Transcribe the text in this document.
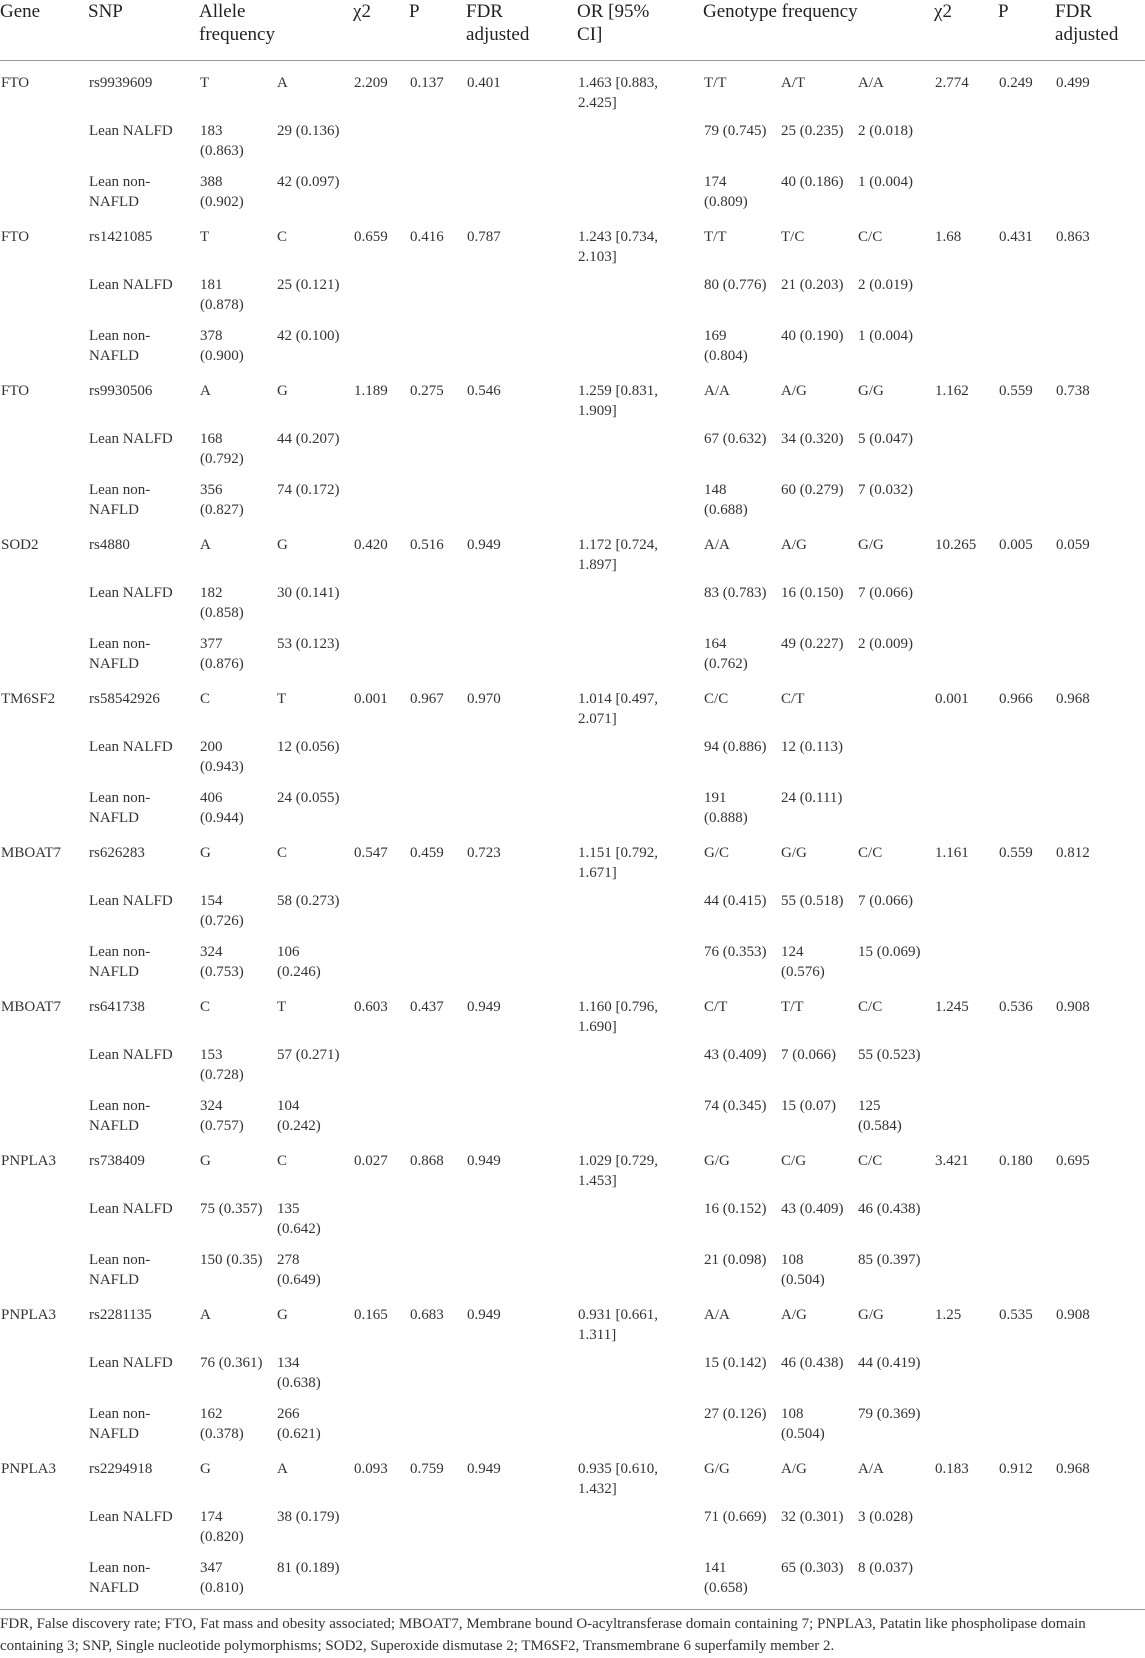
Gene	SNP	Allele frequency		χ2	P	FDR adjusted	OR [95% CI]	Genotype frequency			χ2	P	FDR adjusted
FTO	rs9939609	T	A	2.209	0.137	0.401	1.463 [0.883, 2.425]	T/T	A/T	A/A	2.774	0.249	0.499
	Lean NALFD	183 (0.863)	29 (0.136)					79 (0.745)	25 (0.235)	2 (0.018)			
	Lean non-NAFLD	388 (0.902)	42 (0.097)					174 (0.809)	40 (0.186)	1 (0.004)			
FTO	rs1421085	T	C	0.659	0.416	0.787	1.243 [0.734, 2.103]	T/T	T/C	C/C	1.68	0.431	0.863
	Lean NALFD	181 (0.878)	25 (0.121)					80 (0.776)	21 (0.203)	2 (0.019)			
	Lean non-NAFLD	378 (0.900)	42 (0.100)					169 (0.804)	40 (0.190)	1 (0.004)			
FTO	rs9930506	A	G	1.189	0.275	0.546	1.259 [0.831, 1.909]	A/A	A/G	G/G	1.162	0.559	0.738
	Lean NALFD	168 (0.792)	44 (0.207)					67 (0.632)	34 (0.320)	5 (0.047)			
	Lean non-NAFLD	356 (0.827)	74 (0.172)					148 (0.688)	60 (0.279)	7 (0.032)			
SOD2	rs4880	A	G	0.420	0.516	0.949	1.172 [0.724, 1.897]	A/A	A/G	G/G	10.265	0.005	0.059
	Lean NALFD	182 (0.858)	30 (0.141)					83 (0.783)	16 (0.150)	7 (0.066)			
	Lean non-NAFLD	377 (0.876)	53 (0.123)					164 (0.762)	49 (0.227)	2 (0.009)			
TM6SF2	rs58542926	C	T	0.001	0.967	0.970	1.014 [0.497, 2.071]	C/C	C/T		0.001	0.966	0.968
	Lean NALFD	200 (0.943)	12 (0.056)					94 (0.886)	12 (0.113)				
	Lean non-NAFLD	406 (0.944)	24 (0.055)					191 (0.888)	24 (0.111)				
MBOAT7	rs626283	G	C	0.547	0.459	0.723	1.151 [0.792, 1.671]	G/C	G/G	C/C	1.161	0.559	0.812
	Lean NALFD	154 (0.726)	58 (0.273)					44 (0.415)	55 (0.518)	7 (0.066)			
	Lean non-NAFLD	324 (0.753)	106 (0.246)					76 (0.353)	124 (0.576)	15 (0.069)			
MBOAT7	rs641738	C	T	0.603	0.437	0.949	1.160 [0.796, 1.690]	C/T	T/T	C/C	1.245	0.536	0.908
	Lean NALFD	153 (0.728)	57 (0.271)					43 (0.409)	7 (0.066)	55 (0.523)			
	Lean non-NAFLD	324 (0.757)	104 (0.242)					74 (0.345)	15 (0.07)	125 (0.584)			
PNPLA3	rs738409	G	C	0.027	0.868	0.949	1.029 [0.729, 1.453]	G/G	C/G	C/C	3.421	0.180	0.695
	Lean NALFD	75 (0.357)	135 (0.642)					16 (0.152)	43 (0.409)	46 (0.438)			
	Lean non-NAFLD	150 (0.35)	278 (0.649)					21 (0.098)	108 (0.504)	85 (0.397)			
PNPLA3	rs2281135	A	G	0.165	0.683	0.949	0.931 [0.661, 1.311]	A/A	A/G	G/G	1.25	0.535	0.908
	Lean NALFD	76 (0.361)	134 (0.638)					15 (0.142)	46 (0.438)	44 (0.419)			
	Lean non-NAFLD	162 (0.378)	266 (0.621)					27 (0.126)	108 (0.504)	79 (0.369)			
PNPLA3	rs2294918	G	A	0.093	0.759	0.949	0.935 [0.610, 1.432]	G/G	A/G	A/A	0.183	0.912	0.968
	Lean NALFD	174 (0.820)	38 (0.179)					71 (0.669)	32 (0.301)	3 (0.028)			
	Lean non-NAFLD	347 (0.810)	81 (0.189)					141 (0.658)	65 (0.303)	8 (0.037)			
FDR, False discovery rate; FTO, Fat mass and obesity associated; MBOAT7, Membrane bound O-acyltransferase domain containing 7; PNPLA3, Patatin like phospholipase domain containing 3; SNP, Single nucleotide polymorphisms; SOD2, Superoxide dismutase 2; TM6SF2, Transmembrane 6 superfamily member 2.
